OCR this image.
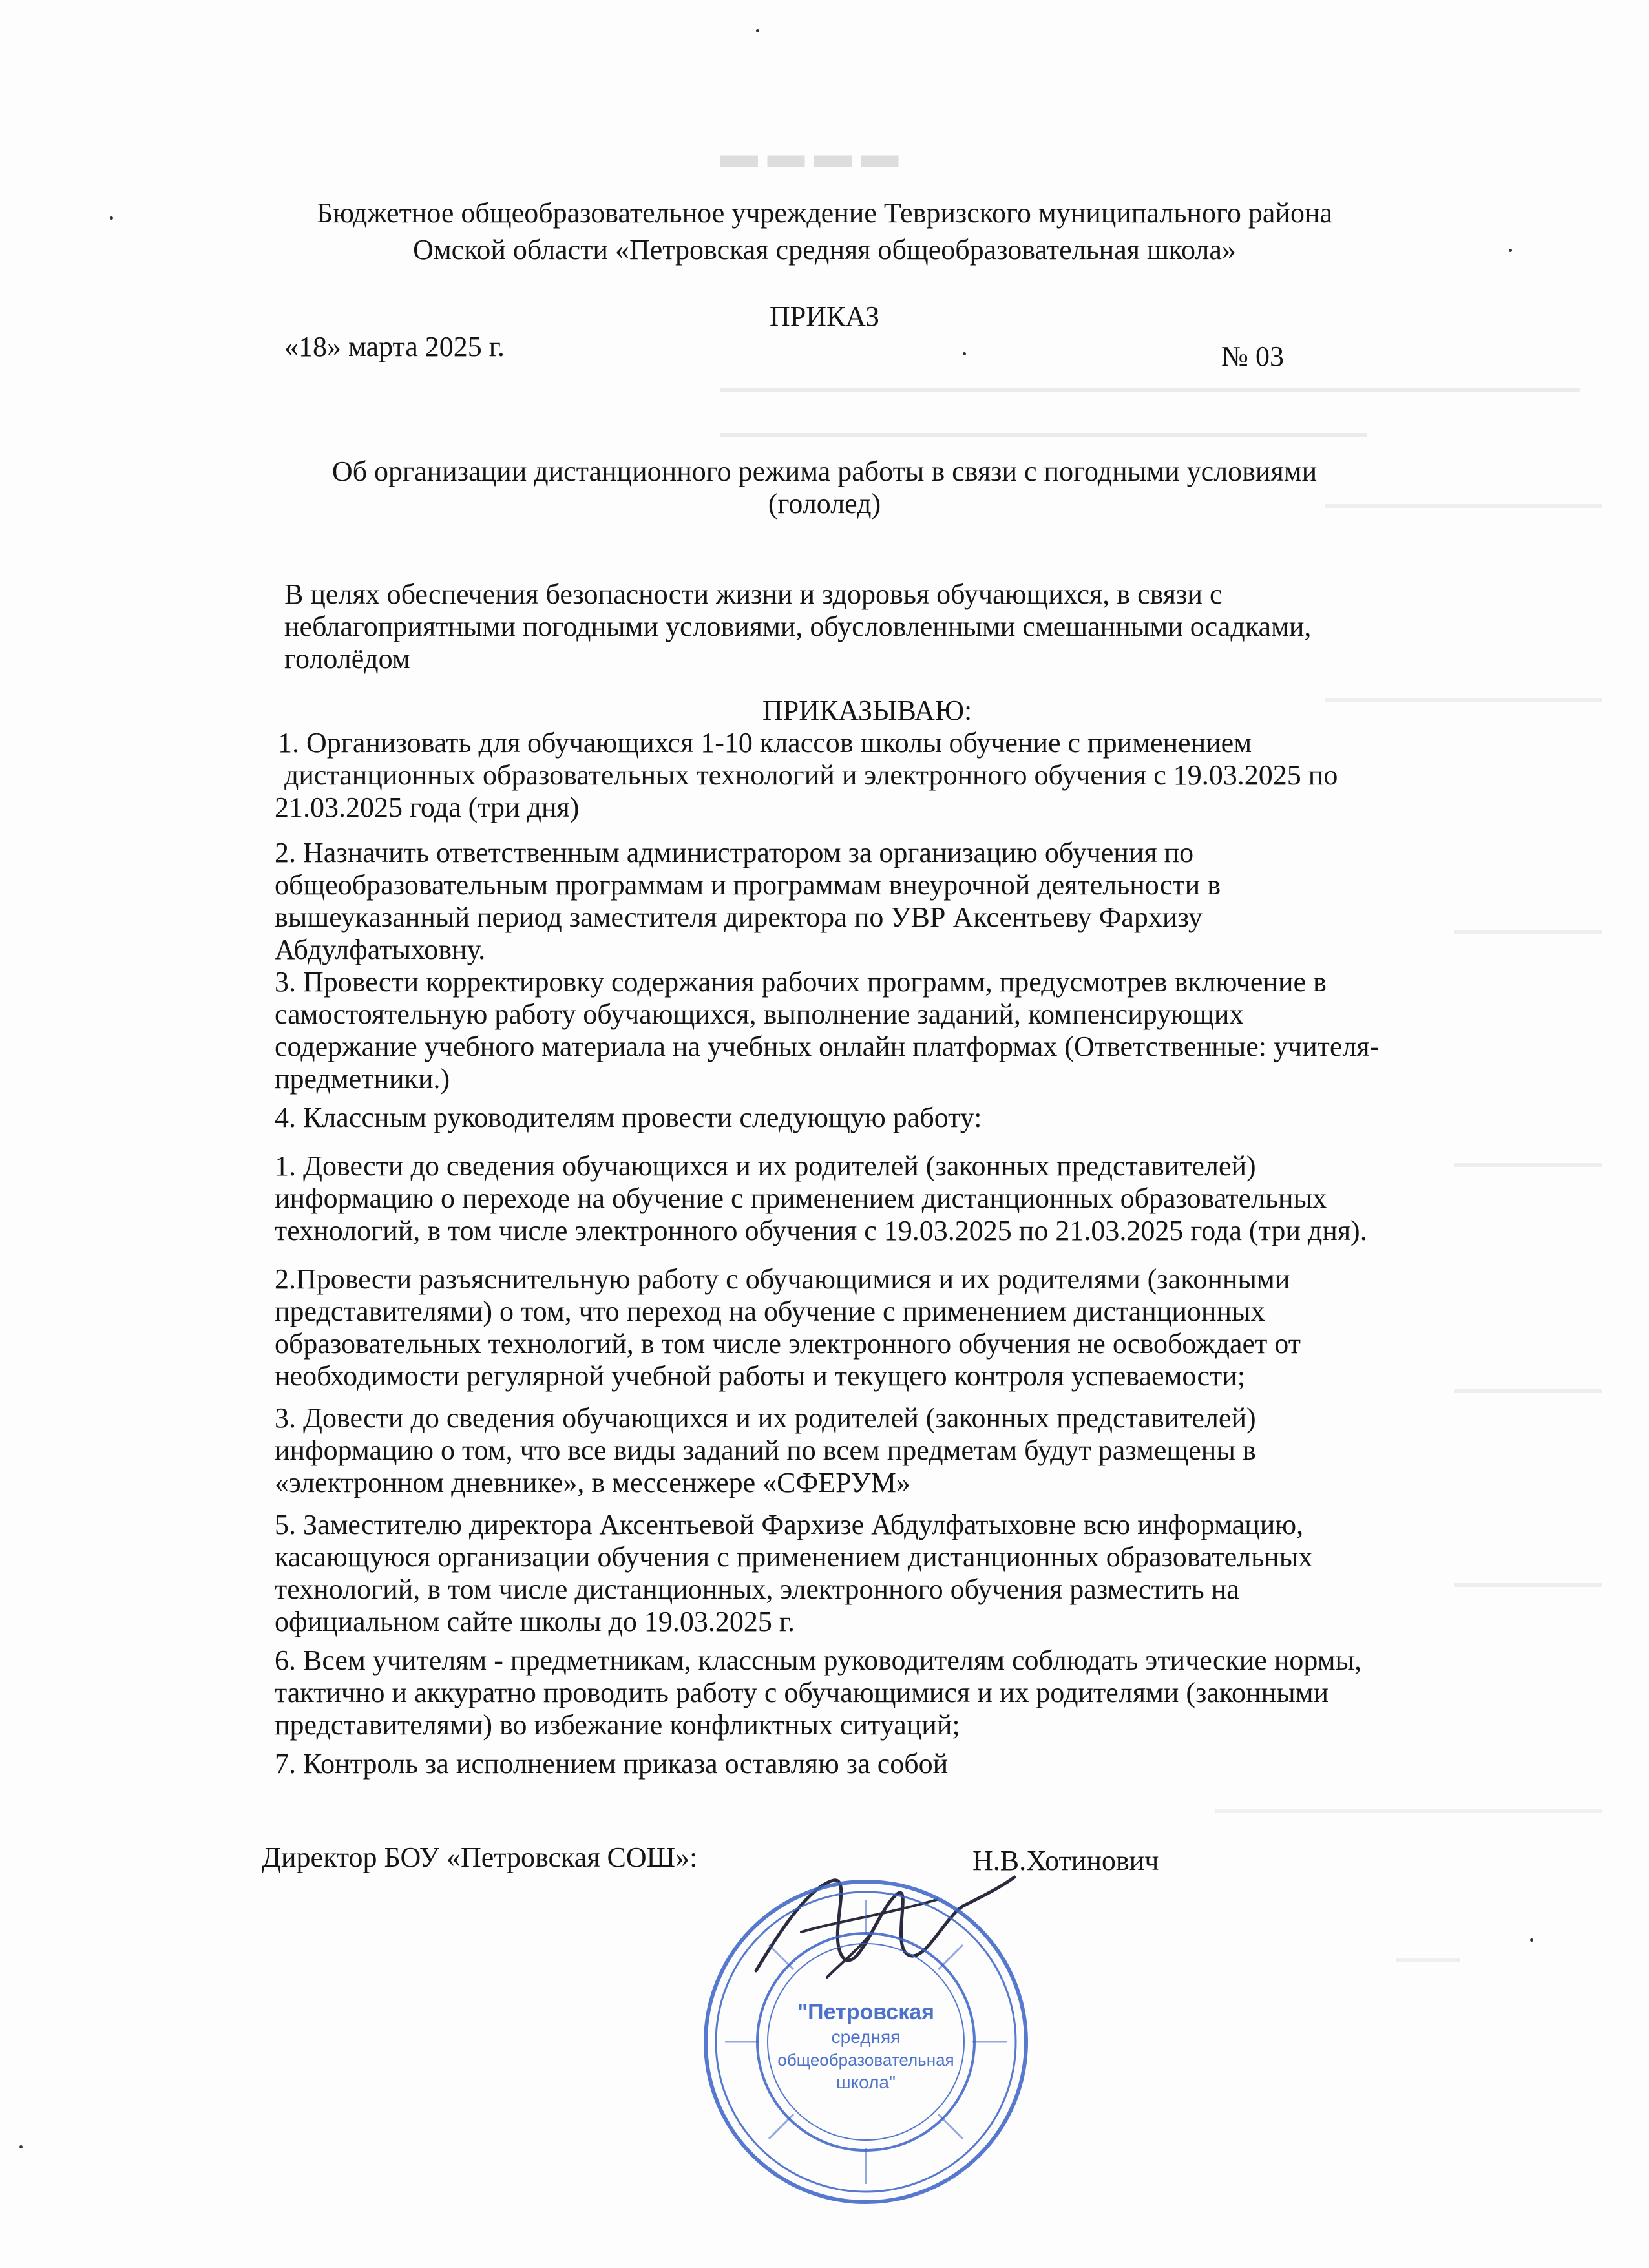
▬ ▬ ▬ ▬
Бюджетное общеобразовательное учреждение Тевризского муниципального района
Омской области «Петровская средняя общеобразовательная школа»
ПРИКАЗ
«18» марта 2025 г.	№ 03
Об организации дистанционного режима работы в связи с погодными условиями
(гололед)
В целях обеспечения безопасности жизни и здоровья обучающихся, в связи с
неблагоприятными погодными условиями, обусловленными смешанными осадками,
гололёдом
ПРИКАЗЫВАЮ:
1. Организовать для обучающихся 1-10 классов школы обучение с применением
дистанционных образовательных технологий и электронного обучения с 19.03.2025 по
21.03.2025 года (три дня)
2. Назначить ответственным администратором за организацию обучения по
общеобразовательным программам и программам внеурочной деятельности в
вышеуказанный период заместителя директора по УВР Аксентьеву Фархизу
Абдулфатыховну.
3. Провести корректировку содержания рабочих программ, предусмотрев включение в
самостоятельную работу обучающихся, выполнение заданий, компенсирующих
содержание учебного материала на учебных онлайн платформах (Ответственные: учителя-
предметники.)
4. Классным руководителям провести следующую работу:
1. Довести до сведения обучающихся и их родителей (законных представителей)
информацию о переходе на обучение с применением дистанционных образовательных
технологий, в том числе электронного обучения с 19.03.2025 по 21.03.2025 года (три дня).
2.Провести разъяснительную работу с обучающимися и их родителями (законными
представителями) о том, что переход на обучение с применением дистанционных
образовательных технологий, в том числе электронного обучения не освобождает от
необходимости регулярной учебной работы и текущего контроля успеваемости;
3. Довести до сведения обучающихся и их родителей (законных представителей)
информацию о том, что все виды заданий по всем предметам будут размещены в
«электронном дневнике», в мессенжере «СФЕРУМ»
5. Заместителю директора Аксентьевой Фархизе Абдулфатыховне всю информацию,
касающуюся организации обучения с применением дистанционных образовательных
технологий, в том числе дистанционных, электронного обучения разместить на
официальном сайте школы до 19.03.2025 г.
6. Всем учителям - предметникам, классным руководителям соблюдать этические нормы,
тактично и аккуратно проводить работу с обучающимися и их родителями (законными
представителями) во избежание конфликтных ситуаций;
7. Контроль за исполнением приказа оставляю за собой
Директор БОУ «Петровская СОШ»:	Н.В.Хотинович
"Петровская
средняя
общеобразовательная
школа"
